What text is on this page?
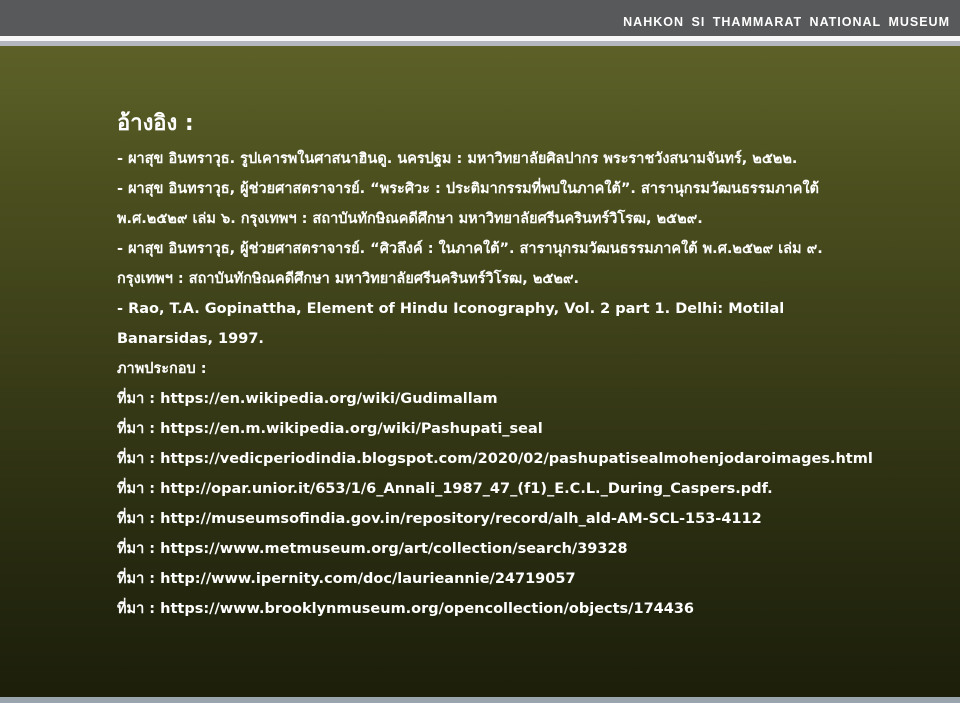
NAHKON SI THAMMARAT NATIONAL MUSEUM
อ้างอิง :
- ผาสุข อินทราวุธ. รูปเคารพในศาสนาฮินดู. นครปฐม : มหาวิทยาลัยศิลปากร พระราชวังสนามจันทร์, ๒๕๒๒.
- ผาสุข อินทราวุธ, ผู้ช่วยศาสตราจารย์. “พระศิวะ : ประติมากรรมที่พบในภาคใต้”. สารานุกรมวัฒนธรรมภาคใต้ พ.ศ.๒๕๒๙ เล่ม ๖. กรุงเทพฯ : สถาบันทักษิณคดีศึกษา มหาวิทยาลัยศรีนครินทร์วิโรฒ, ๒๕๒๙.
- ผาสุข อินทราวุธ, ผู้ช่วยศาสตราจารย์. “ศิวลึงค์ : ในภาคใต้”. สารานุกรมวัฒนธรรมภาคใต้ พ.ศ.๒๕๒๙ เล่ม ๙. กรุงเทพฯ : สถาบันทักษิณคดีศึกษา มหาวิทยาลัยศรีนครินทร์วิโรฒ, ๒๕๒๙.
- Rao, T.A. Gopinattha, Element of Hindu Iconography, Vol. 2 part 1. Delhi: Motilal Banarsidas, 1997.
ภาพประกอบ :
ที่มา : https://en.wikipedia.org/wiki/Gudimallam
ที่มา : https://en.m.wikipedia.org/wiki/Pashupati_seal
ที่มา : https://vedicperiodindia.blogspot.com/2020/02/pashupatisealmohenjodaroimages.html
ที่มา : http://opar.unior.it/653/1/6_Annali_1987_47_(f1)_E.C.L._During_Caspers.pdf.
ที่มา : http://museumsofindia.gov.in/repository/record/alh_ald-AM-SCL-153-4112
ที่มา : https://www.metmuseum.org/art/collection/search/39328
ที่มา : http://www.ipernity.com/doc/laurieannie/24719057
ที่มา : https://www.brooklynmuseum.org/opencollection/objects/174436
